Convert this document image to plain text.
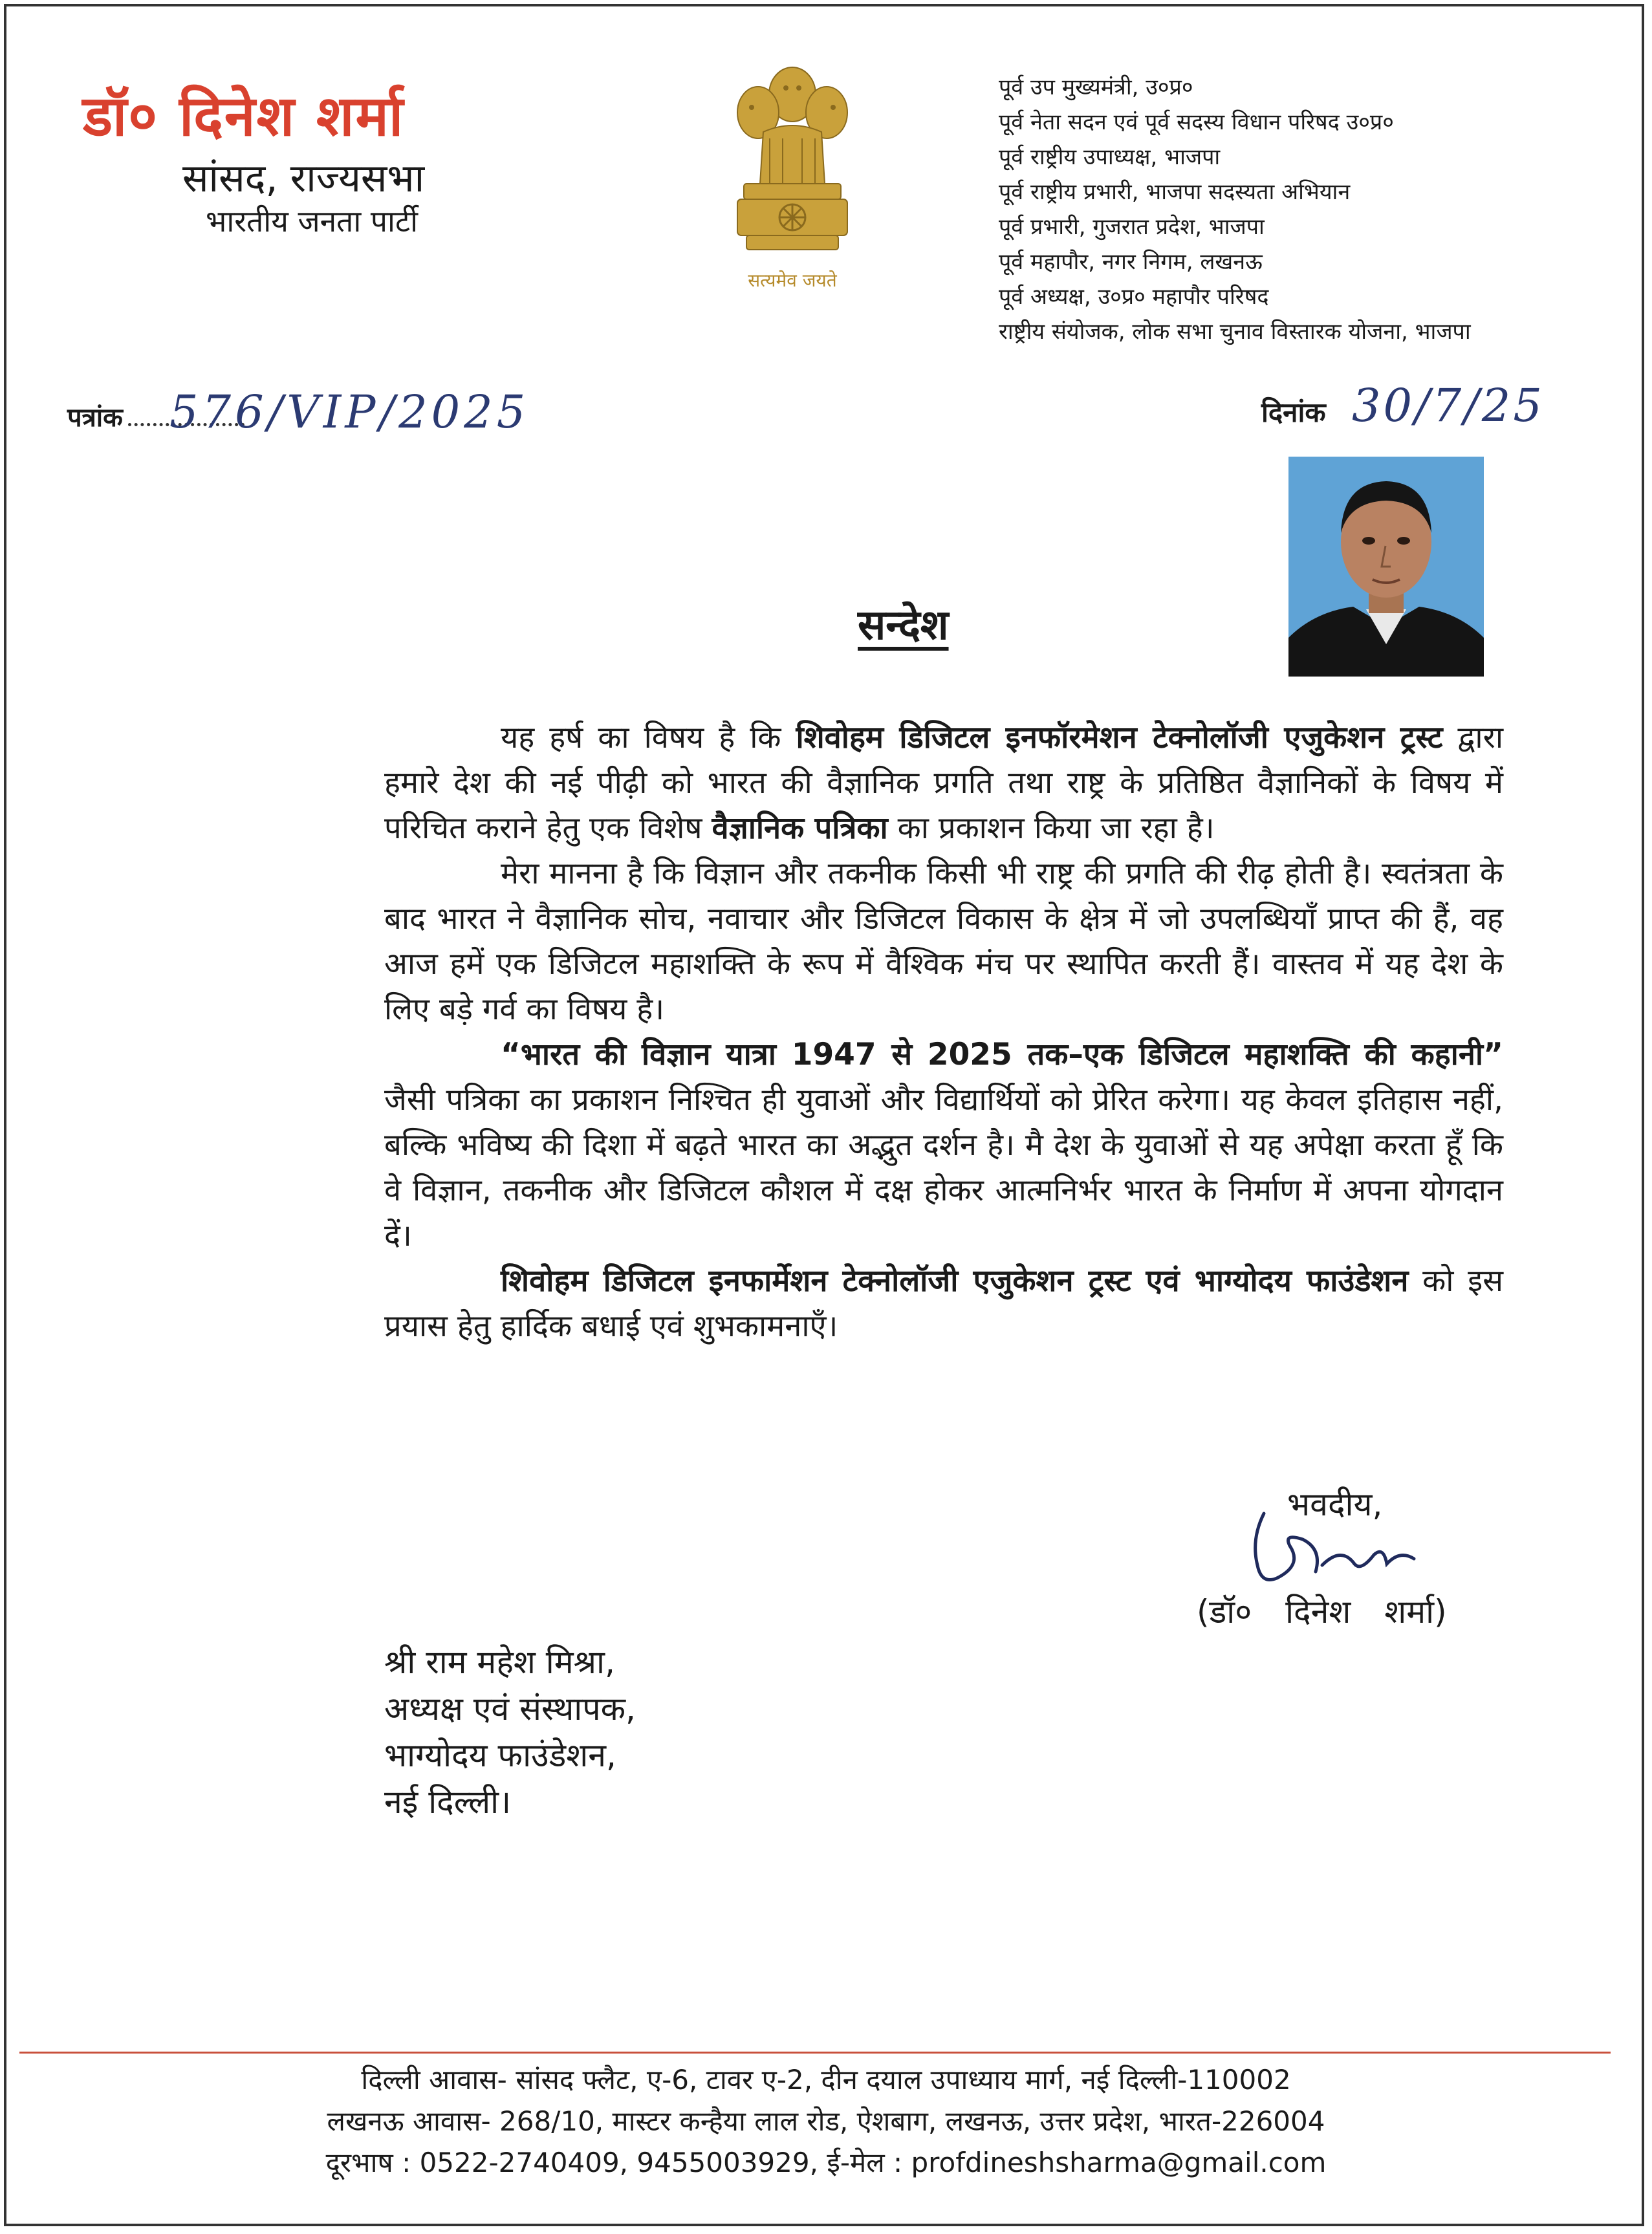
डॉ० दिनेश शर्मा
सांसद, राज्यसभा
भारतीय जनता पार्टी
सत्यमेव जयते
पूर्व उप मुख्यमंत्री, उ०प्र०
पूर्व नेता सदन एवं पूर्व सदस्य विधान परिषद उ०प्र०
पूर्व राष्ट्रीय उपाध्यक्ष, भाजपा
पूर्व राष्ट्रीय प्रभारी, भाजपा सदस्यता अभियान
पूर्व प्रभारी, गुजरात प्रदेश, भाजपा
पूर्व महापौर, नगर निगम, लखनऊ
पूर्व अध्यक्ष, उ०प्र० महापौर परिषद
राष्ट्रीय संयोजक, लोक सभा चुनाव विस्तारक योजना, भाजपा
पत्रांक	576/VIP/2025	दिनांक 30/7/25
सन्देश

यह हर्ष का विषय है कि शिवोहम डिजिटल इनफॉरमेशन टेक्नोलॉजी एजुकेशन ट्रस्ट द्वारा हमारे देश की नई पीढ़ी को भारत की वैज्ञानिक प्रगति तथा राष्ट्र के प्रतिष्ठित वैज्ञानिकों के विषय में परिचित कराने हेतु एक विशेष वैज्ञानिक पत्रिका का प्रकाशन किया जा रहा है।

मेरा मानना है कि विज्ञान और तकनीक किसी भी राष्ट्र की प्रगति की रीढ़ होती है। स्वतंत्रता के बाद भारत ने वैज्ञानिक सोच, नवाचार और डिजिटल विकास के क्षेत्र में जो उपलब्धियाँ प्राप्त की हैं, वह आज हमें एक डिजिटल महाशक्ति के रूप में वैश्विक मंच पर स्थापित करती हैं। वास्तव में यह देश के लिए बड़े गर्व का विषय है।

“भारत की विज्ञान यात्रा 1947 से 2025 तक–एक डिजिटल महाशक्ति की कहानी” जैसी पत्रिका का प्रकाशन निश्चित ही युवाओं और विद्यार्थियों को प्रेरित करेगा। यह केवल इतिहास नहीं, बल्कि भविष्य की दिशा में बढ़ते भारत का अद्भुत दर्शन है। मै देश के युवाओं से यह अपेक्षा करता हूँ कि वे विज्ञान, तकनीक और डिजिटल कौशल में दक्ष होकर आत्मनिर्भर भारत के निर्माण में अपना योगदान दें।

शिवोहम डिजिटल इनफार्मेशन टेक्नोलॉजी एजुकेशन ट्रस्ट एवं भाग्योदय फाउंडेशन को इस प्रयास हेतु हार्दिक बधाई एवं शुभकामनाएँ।

भवदीय,
(डॉ० दिनेश शर्मा)
श्री राम महेश मिश्रा,
अध्यक्ष एवं संस्थापक,
भाग्योदय फाउंडेशन,
नई दिल्ली।
दिल्ली आवास- सांसद फ्लैट, ए-6, टावर ए-2, दीन दयाल उपाध्याय मार्ग, नई दिल्ली-110002
लखनऊ आवास- 268/10, मास्टर कन्हैया लाल रोड, ऐशबाग, लखनऊ, उत्तर प्रदेश, भारत-226004
दूरभाष : 0522-2740409, 9455003929, ई-मेल : profdineshsharma@gmail.com
